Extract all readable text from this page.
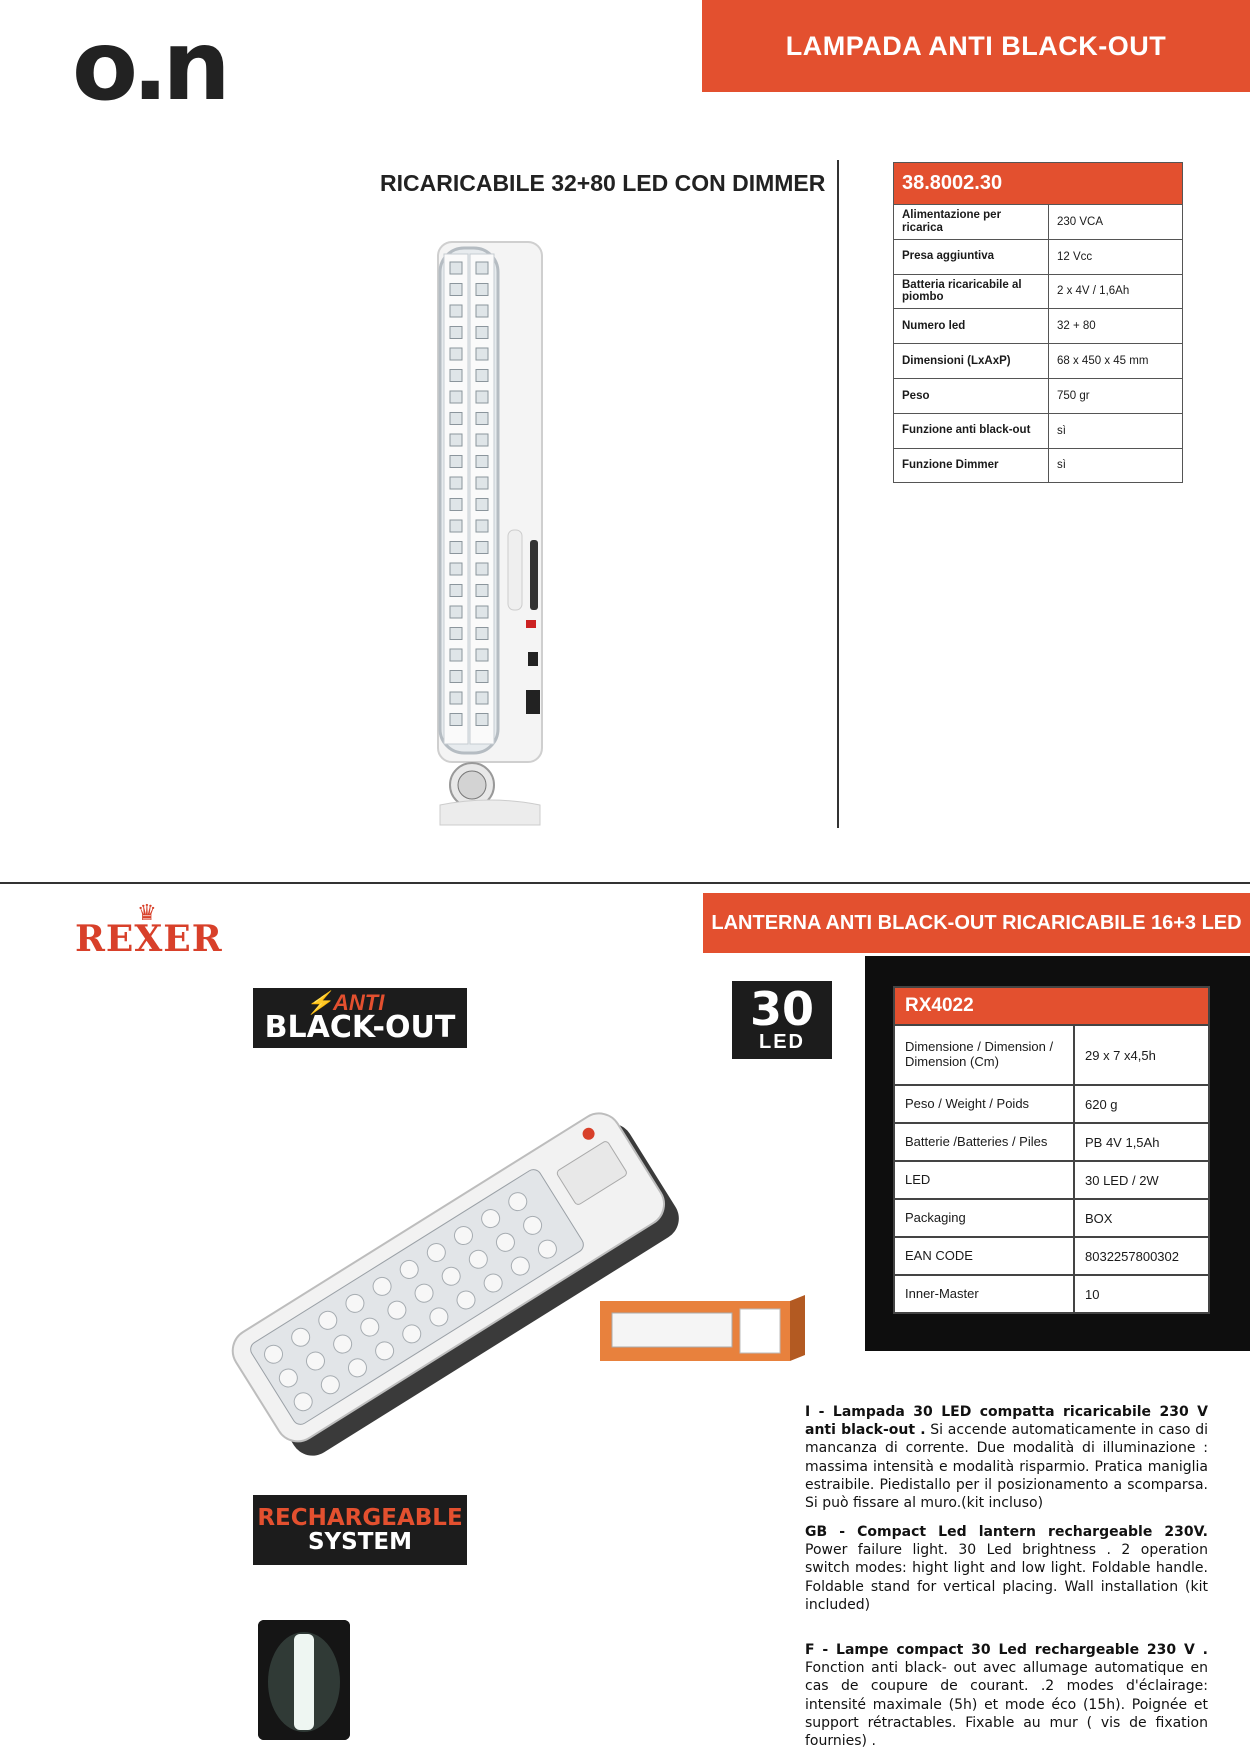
o.n	LAMPADA ANTI BLACK-OUT
RICARICABILE 32+80 LED CON DIMMER	38.8002.30	
Alimentazione per ricarica	230 VCA
Presa aggiuntiva	12 Vcc
Batteria ricaricabile al piombo	2 x 4V / 1,6Ah
Numero led	32 + 80
Dimensioni (LxAxP)	68 x 450 x 45 mm
Peso	750 gr
Funzione anti black-out	sì
Funzione Dimmer	sì
♛
REXER	LANTERNA ANTI BLACK-OUT RICARICABILE 16+3 LED
⚡ANTI
BLACK-OUT	30
LED
RX4022	
Dimensione / Dimension / Dimension (Cm)	29 x 7 x4,5h
Peso / Weight / Poids	620 g
Batterie /Batteries / Piles	PB 4V 1,5Ah
LED	30 LED / 2W
Packaging	BOX
EAN CODE	8032257800302
Inner-Master	10
RECHARGEABLE
SYSTEM
I - Lampada 30 LED compatta ricaricabile 230 V anti black-out . Si accende automaticamente in caso di mancanza di corrente. Due modalità di illuminazione : massima intensità e modalità risparmio. Pratica maniglia estraibile. Piedistallo per il posizionamento a scomparsa. Si può fissare al muro.(kit incluso)
GB - Compact Led lantern rechargeable 230V. Power failure light. 30 Led brightness . 2 operation switch modes: hight light and low light. Foldable handle. Foldable stand for vertical placing. Wall installation (kit included)
F - Lampe compact 30 Led rechargeable 230 V . Fonction anti black- out avec allumage automatique en cas de coupure de courant. .2 modes d'éclairage: intensité maximale (5h) et mode éco (15h). Poignée et support rétractables. Fixable au mur ( vis de fixation fournies) .
